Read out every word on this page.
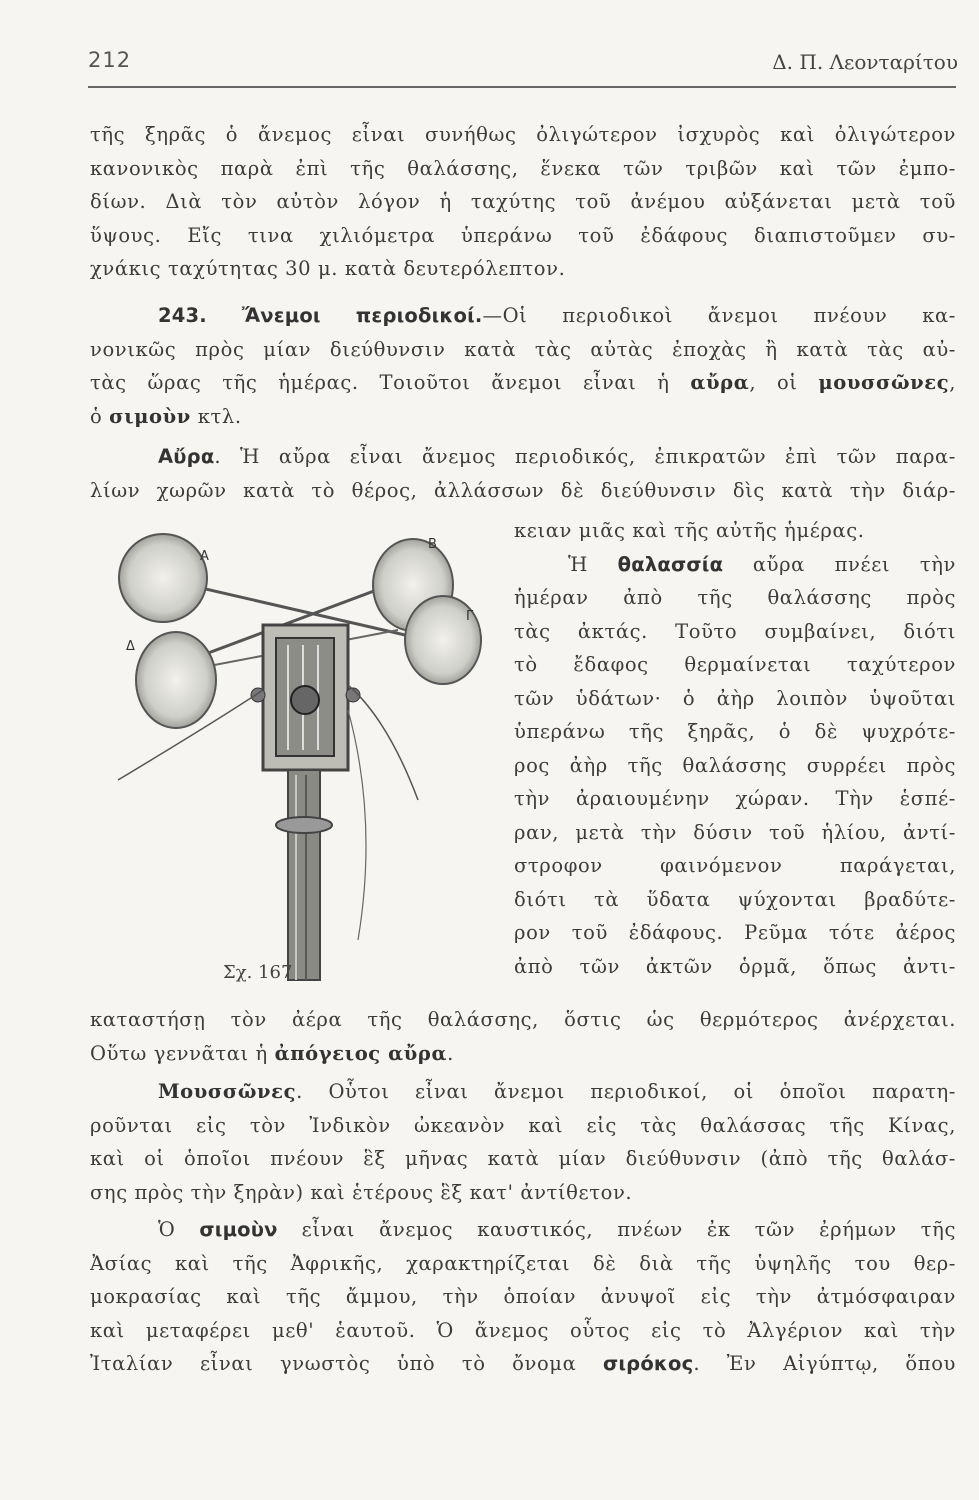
212	Δ. Π. Λεονταρίτου
τῆς ξηρᾶς ὁ ἄνεμος εἶναι συνήθως ὀλιγώτερον ἰσχυρὸς καὶ ὀλιγώτερον
κανονικὸς παρὰ ἐπὶ τῆς θαλάσσης, ἕνεκα τῶν τριβῶν καὶ τῶν ἐμπο-
δίων. Διὰ τὸν αὐτὸν λόγον ἡ ταχύτης τοῦ ἀνέμου αὐξάνεται μετὰ τοῦ
ὕψους. Εἴς τινα χιλιόμετρα ὑπεράνω τοῦ ἐδάφους διαπιστοῦμεν συ-
χνάκις ταχύτητας 30 μ. κατὰ δευτερόλεπτον.
243. Ἄνεμοι περιοδικοί.—Οἱ περιοδικοὶ ἄνεμοι πνέουν κα-
νονικῶς πρὸς μίαν διεύθυνσιν κατὰ τὰς αὐτὰς ἐποχὰς ἢ κατὰ τὰς αὐ-
τὰς ὥρας τῆς ἡμέρας. Τοιοῦτοι ἄνεμοι εἶναι ἡ αὔρα, οἱ μουσσῶνες,
ὁ σιμοὺν κτλ.
Αὔρα. Ἡ αὔρα εἶναι ἄνεμος περιοδικός, ἐπικρατῶν ἐπὶ τῶν παρα-
λίων χωρῶν κατὰ τὸ θέρος, ἀλλάσσων δὲ διεύθυνσιν δὶς κατὰ τὴν διάρ-
Α
Β
Γ
Δ
Σχ. 167
κειαν μιᾶς καὶ τῆς αὐτῆς ἡμέρας.
Ἡ θαλασσία αὔρα πνέει τὴν
ἡμέραν ἀπὸ τῆς θαλάσσης πρὸς
τὰς ἀκτάς. Τοῦτο συμβαίνει, διότι
τὸ ἔδαφος θερμαίνεται ταχύτερον
τῶν ὑδάτων· ὁ ἀὴρ λοιπὸν ὑψοῦται
ὑπεράνω τῆς ξηρᾶς, ὁ δὲ ψυχρότε-
ρος ἀὴρ τῆς θαλάσσης συρρέει πρὸς
τὴν ἀραιουμένην χώραν. Τὴν ἑσπέ-
ραν, μετὰ τὴν δύσιν τοῦ ἡλίου, ἀντί-
στροφον φαινόμενον παράγεται,
διότι τὰ ὕδατα ψύχονται βραδύτε-
ρον τοῦ ἐδάφους. Ρεῦμα τότε ἀέρος
ἀπὸ τῶν ἀκτῶν ὁρμᾶ, ὅπως ἀντι-
καταστήσῃ τὸν ἀέρα τῆς θαλάσσης, ὅστις ὡς θερμότερος ἀνέρχεται.
Οὕτω γεννᾶται ἡ ἀπόγειος αὔρα.
Μουσσῶνες. Οὗτοι εἶναι ἄνεμοι περιοδικοί, οἱ ὁποῖοι παρατη-
ροῦνται εἰς τὸν Ἰνδικὸν ὠκεανὸν καὶ εἰς τὰς θαλάσσας τῆς Κίνας,
καὶ οἱ ὁποῖοι πνέουν ἓξ μῆνας κατὰ μίαν διεύθυνσιν (ἀπὸ τῆς θαλάσ-
σης πρὸς τὴν ξηρὰν) καὶ ἑτέρους ἓξ κατ' ἀντίθετον.
Ὁ σιμοὺν εἶναι ἄνεμος καυστικός, πνέων ἐκ τῶν ἐρήμων τῆς
Ἀσίας καὶ τῆς Ἀφρικῆς, χαρακτηρίζεται δὲ διὰ τῆς ὑψηλῆς του θερ-
μοκρασίας καὶ τῆς ἄμμου, τὴν ὁποίαν ἀνυψοῖ εἰς τὴν ἀτμόσφαιραν
καὶ μεταφέρει μεθ' ἑαυτοῦ. Ὁ ἄνεμος οὗτος εἰς τὸ Ἀλγέριον καὶ τὴν
Ἰταλίαν εἶναι γνωστὸς ὑπὸ τὸ ὄνομα σιρόκος. Ἐν Αἰγύπτῳ, ὅπου
